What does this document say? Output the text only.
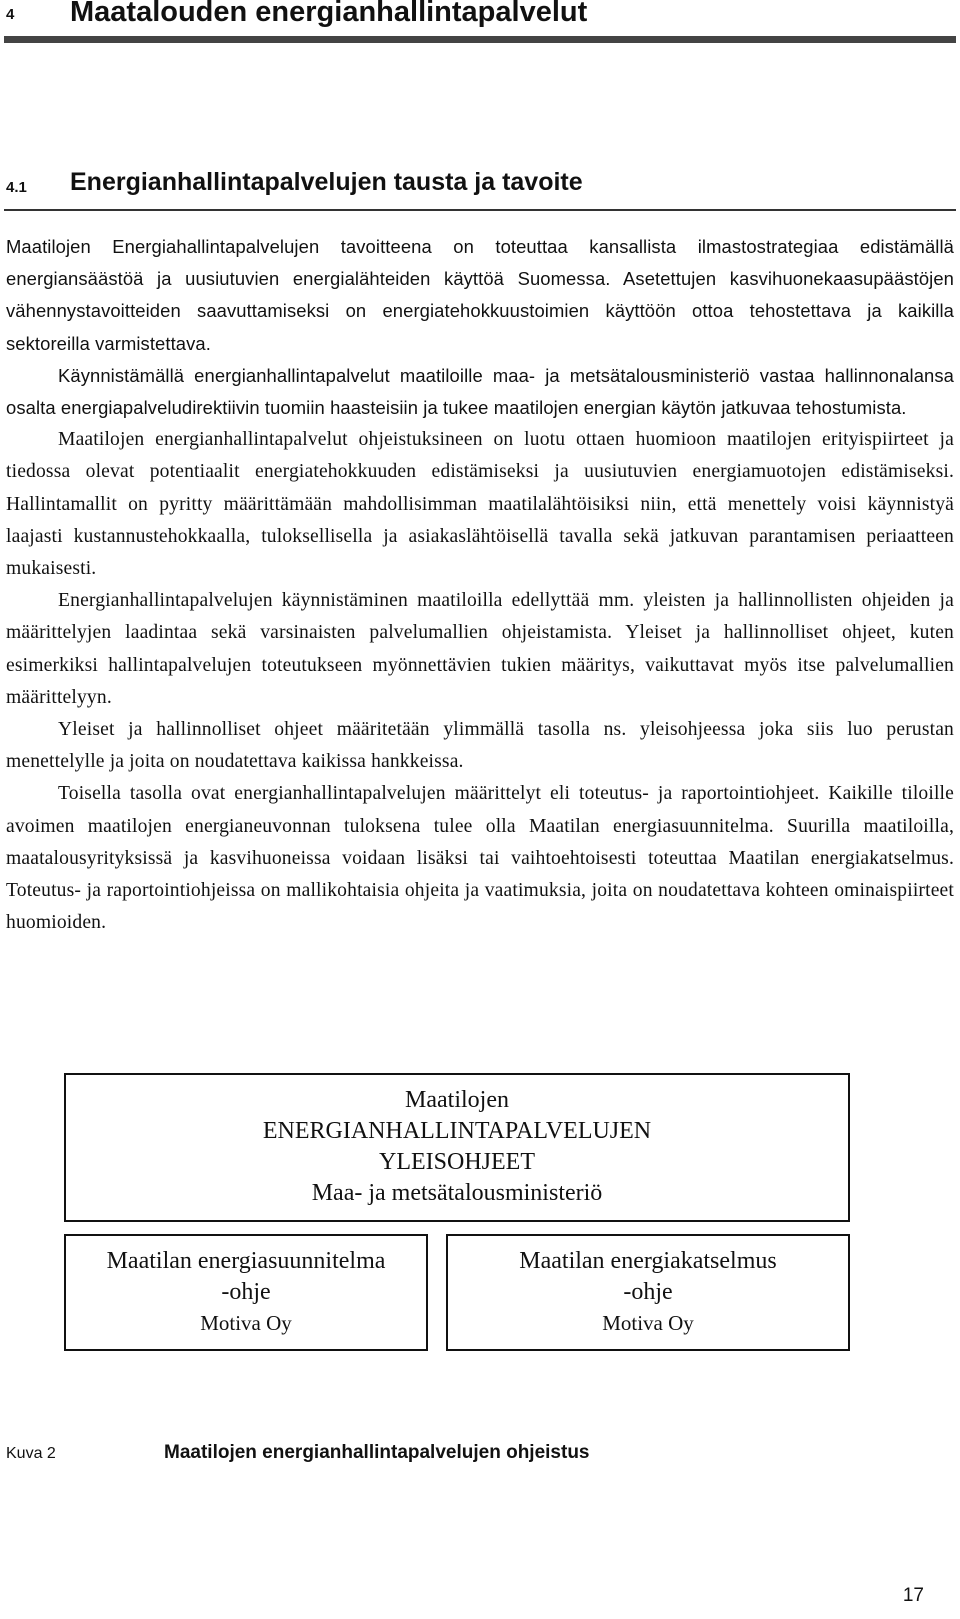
4 Maatalouden energianhallintapalvelut
4.1 Energianhallintapalvelujen tausta ja tavoite

Maatilojen Energiahallintapalvelujen tavoitteena on toteuttaa kansallista ilmastostrategiaa edistämällä energiansäästöä ja uusiutuvien energialähteiden käyttöä Suomessa. Asetettujen kasvihuonekaasupäästöjen vähennystavoitteiden saavuttamiseksi on energiatehokkuustoimien käyttöön ottoa tehostettava ja kaikilla sektoreilla varmistettava.

Käynnistämällä energianhallintapalvelut maatiloille maa- ja metsätalousministeriö vastaa hallinnonalansa osalta energiapalveludirektiivin tuomiin haasteisiin ja tukee maatilojen energian käytön jatkuvaa tehostumista.

Maatilojen energianhallintapalvelut ohjeistuksineen on luotu ottaen huomioon maatilojen erityispiirteet ja tiedossa olevat potentiaalit energiatehokkuuden edistämiseksi ja uusiutuvien energiamuotojen edistämiseksi. Hallintamallit on pyritty määrittämään mahdollisimman maatilalähtöisiksi niin, että menettely voisi käynnistyä laajasti kustannustehokkaalla, tuloksellisella ja asiakaslähtöisellä tavalla sekä jatkuvan parantamisen periaatteen mukaisesti.

Energianhallintapalvelujen käynnistäminen maatiloilla edellyttää mm. yleisten ja hallinnollisten ohjeiden ja määrittelyjen laadintaa sekä varsinaisten palvelumallien ohjeistamista. Yleiset ja hallinnolliset ohjeet, kuten esimerkiksi hallintapalvelujen toteutukseen myönnettävien tukien määritys, vaikuttavat myös itse palvelumallien määrittelyyn.

Yleiset ja hallinnolliset ohjeet määritetään ylimmällä tasolla ns. yleisohjeessa joka siis luo perustan menettelylle ja joita on noudatettava kaikissa hankkeissa.

Toisella tasolla ovat energianhallintapalvelujen määrittelyt eli toteutus- ja raportointiohjeet. Kaikille tiloille avoimen maatilojen energianeuvonnan tuloksena tulee olla Maatilan energiasuunnitelma. Suurilla maatiloilla, maatalousyrityksissä ja kasvihuoneissa voidaan lisäksi tai vaihtoehtoisesti toteuttaa Maatilan energiakatselmus. Toteutus- ja raportointiohjeissa on mallikohtaisia ohjeita ja vaatimuksia, joita on noudatettava kohteen ominaispiirteet huomioiden.

Maatilojen
ENERGIANHALLINTAPALVELUJEN
YLEISOHJEET
Maa- ja metsätalousministeriö
Maatilan energiasuunnitelma
-ohje
Motiva Oy
Maatilan energiakatselmus
-ohje
Motiva Oy
Kuva 2	Maatilojen energianhallintapalvelujen ohjeistus
17
